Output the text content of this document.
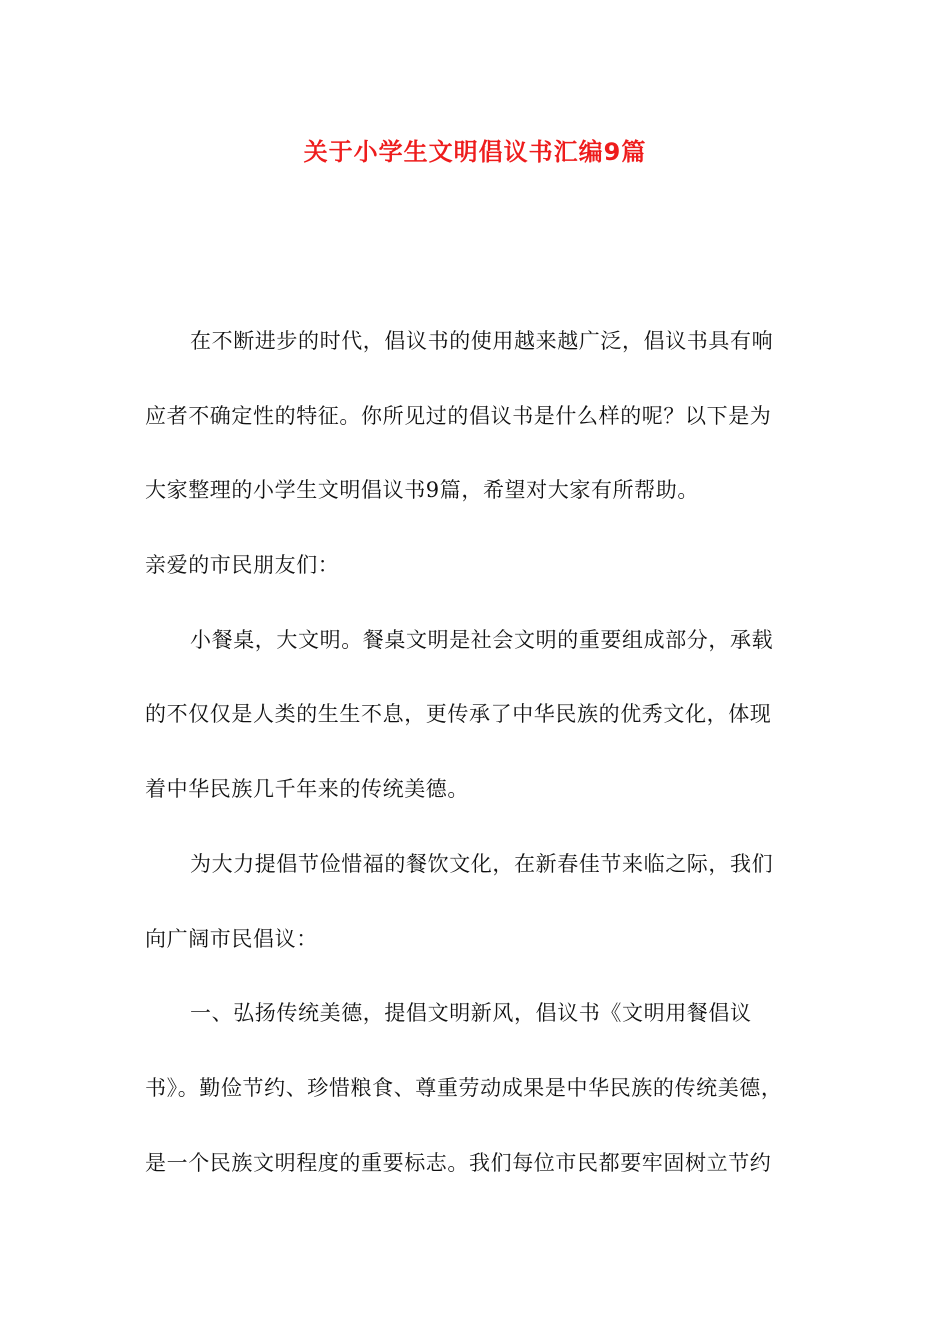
关于小学生文明倡议书汇编9篇
在不断进步的时代，倡议书的使用越来越广泛，倡议书具有响
应者不确定性的特征。你所见过的倡议书是什么样的呢？以下是为
大家整理的小学生文明倡议书9篇，希望对大家有所帮助。
亲爱的市民朋友们：
小餐桌，大文明。餐桌文明是社会文明的重要组成部分，承载
的不仅仅是人类的生生不息，更传承了中华民族的优秀文化，体现
着中华民族几千年来的传统美德。
为大力提倡节俭惜福的餐饮文化，在新春佳节来临之际，我们
向广阔市民倡议：
一、弘扬传统美德，提倡文明新风，倡议书《文明用餐倡议
书》。勤俭节约、珍惜粮食、尊重劳动成果是中华民族的传统美德，
是一个民族文明程度的重要标志。我们每位市民都要牢固树立节约
